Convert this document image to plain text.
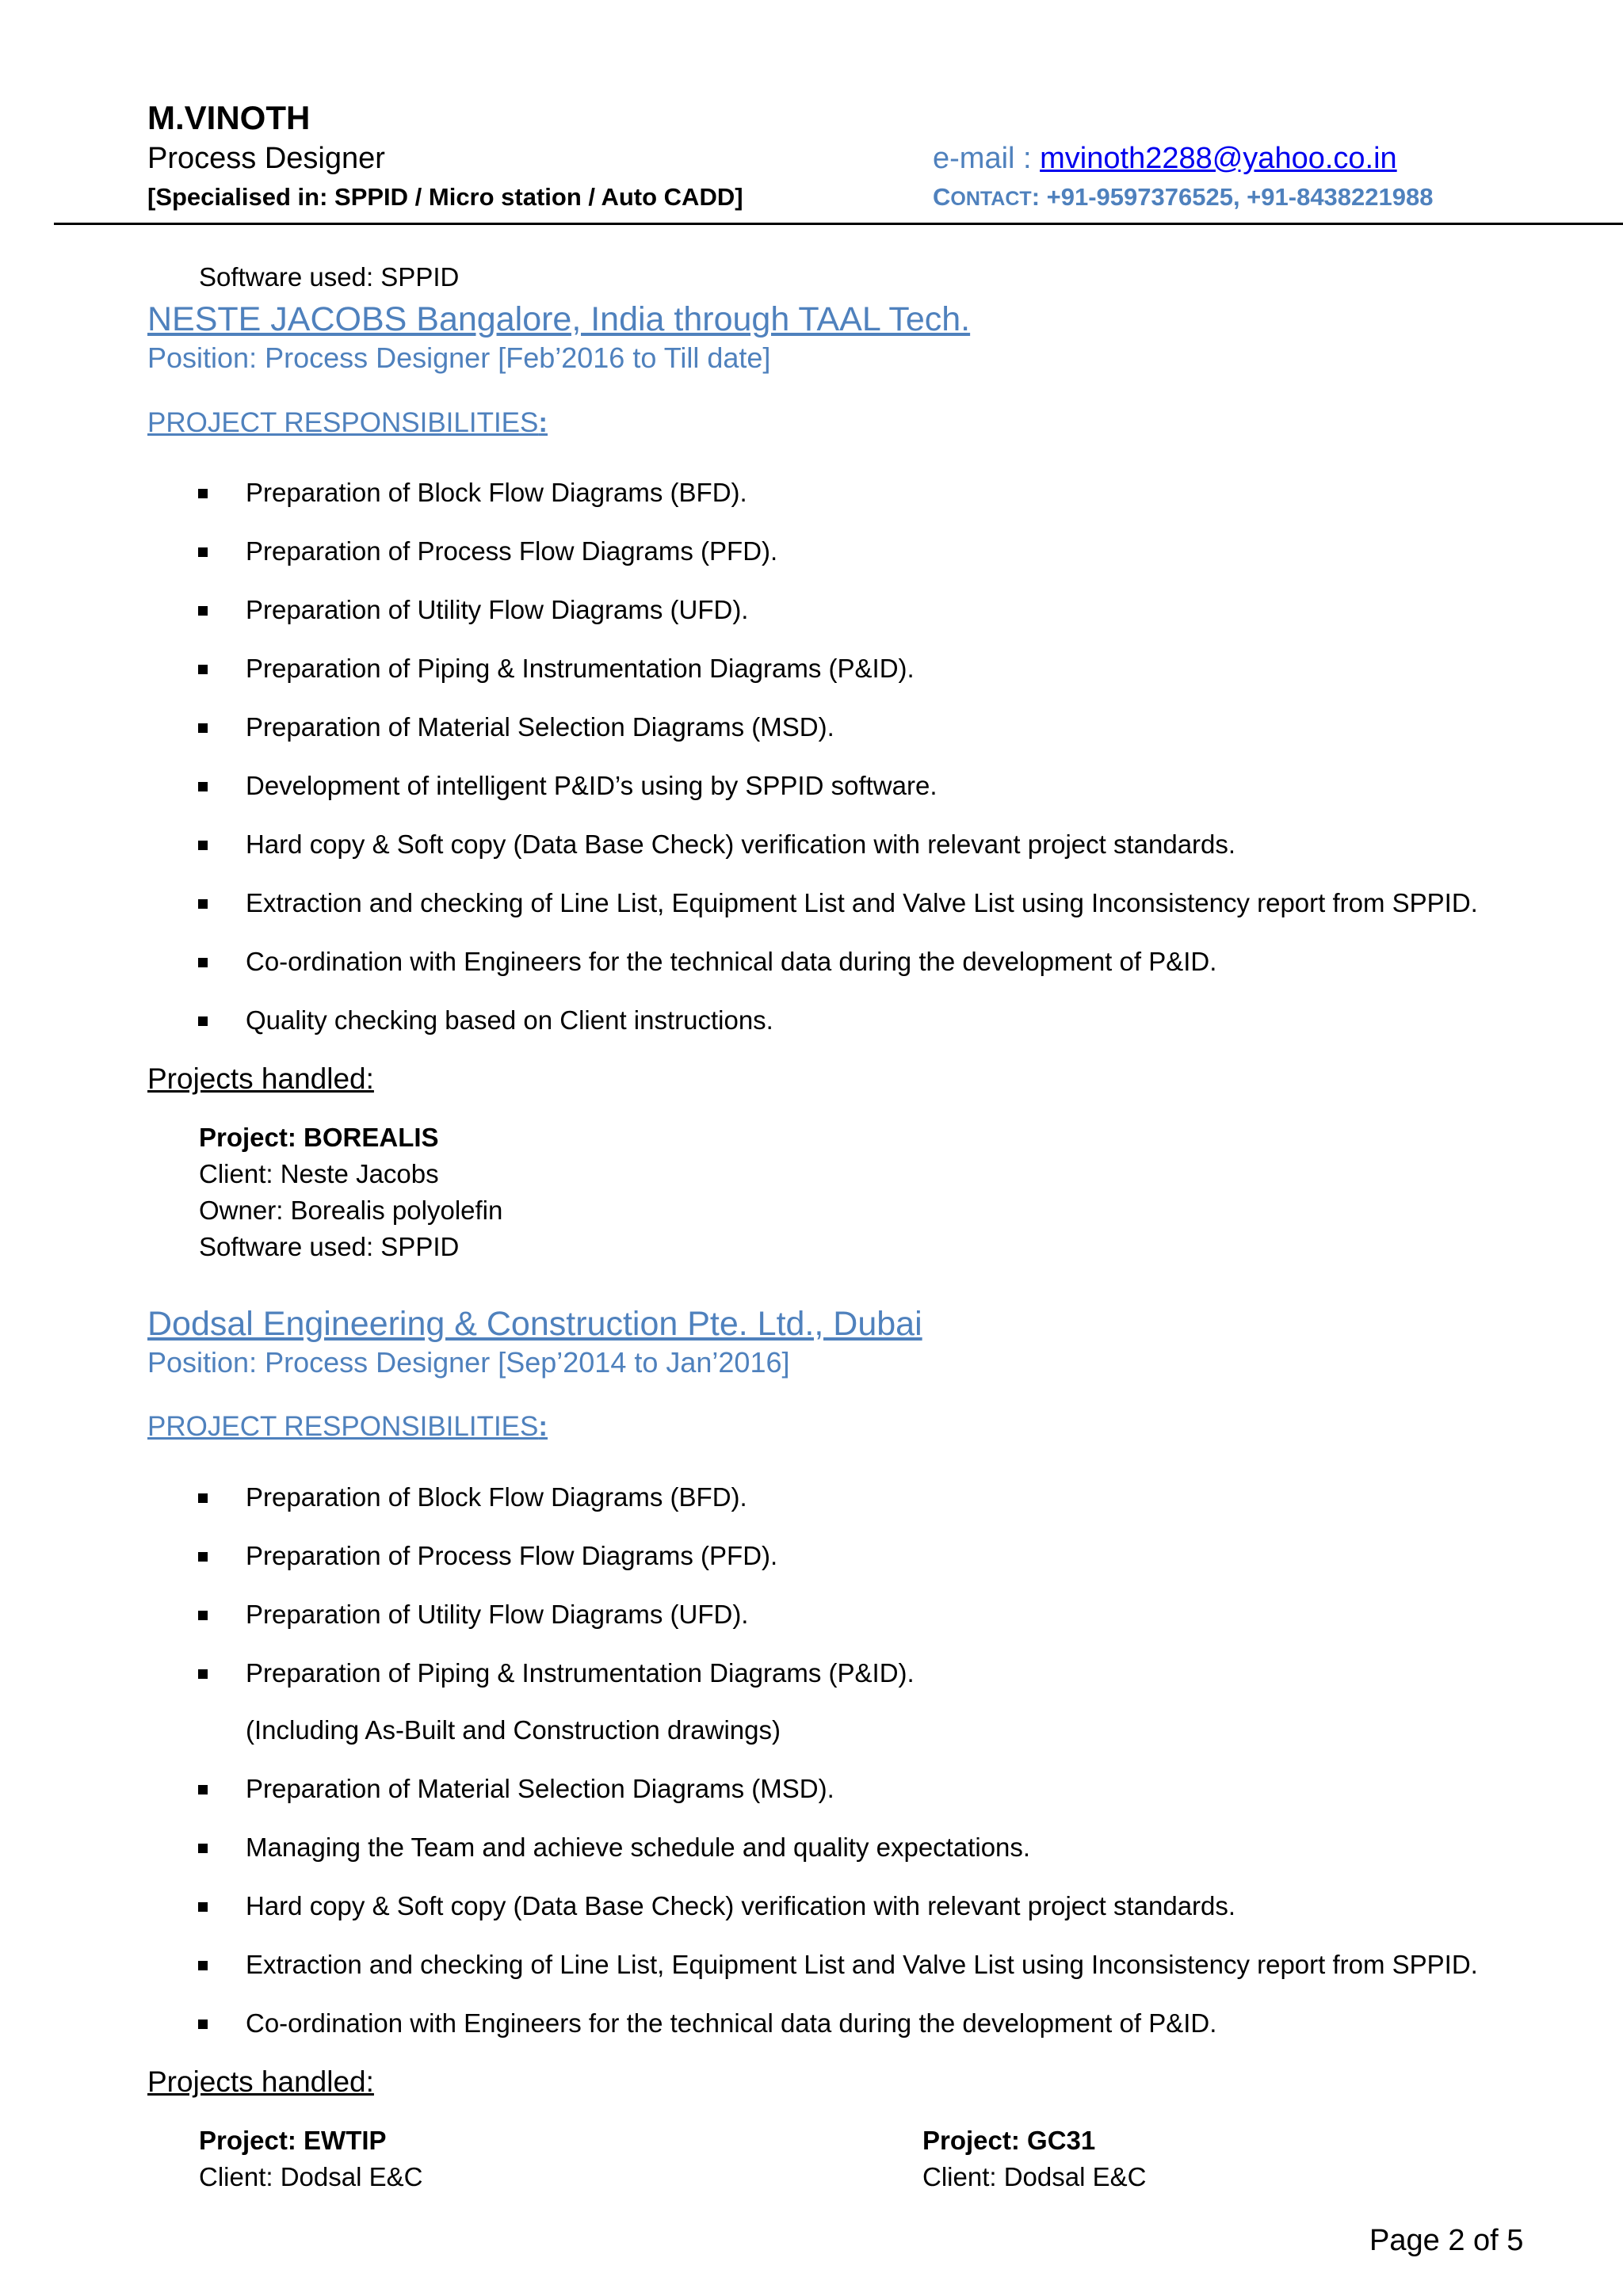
M.VINOTH
Process Designer
[Specialised in: SPPID / Micro station / Auto CADD]
e-mail : mvinoth2288@yahoo.co.in
CONTACT: +91-9597376525, +91-8438221988
Software used: SPPID
NESTE JACOBS Bangalore, India through TAAL Tech.
Position: Process Designer [Feb’2016 to Till date]
PROJECT RESPONSIBILITIES:
Preparation of Block Flow Diagrams (BFD).
Preparation of Process Flow Diagrams (PFD).
Preparation of Utility Flow Diagrams (UFD).
Preparation of Piping & Instrumentation Diagrams (P&ID).
Preparation of Material Selection Diagrams (MSD).
Development of intelligent P&ID’s using by SPPID software.
Hard copy & Soft copy (Data Base Check) verification with relevant project standards.
Extraction and checking of Line List, Equipment List and Valve List using Inconsistency report from SPPID.
Co-ordination with Engineers for the technical data during the development of P&ID.
Quality checking based on Client instructions.
Projects handled:
Project: BOREALIS
Client: Neste Jacobs
Owner: Borealis polyolefin
Software used: SPPID
Dodsal Engineering & Construction Pte. Ltd., Dubai
Position: Process Designer [Sep’2014 to Jan’2016]
PROJECT RESPONSIBILITIES:
Preparation of Block Flow Diagrams (BFD).
Preparation of Process Flow Diagrams (PFD).
Preparation of Utility Flow Diagrams (UFD).
Preparation of Piping & Instrumentation Diagrams (P&ID).
(Including As-Built and Construction drawings)
Preparation of Material Selection Diagrams (MSD).
Managing the Team and achieve schedule and quality expectations.
Hard copy & Soft copy (Data Base Check) verification with relevant project standards.
Extraction and checking of Line List, Equipment List and Valve List using Inconsistency report from SPPID.
Co-ordination with Engineers for the technical data during the development of P&ID.
Projects handled:
Project: EWTIP
Client: Dodsal E&C
Project: GC31
Client: Dodsal E&C
Page 2 of 5
